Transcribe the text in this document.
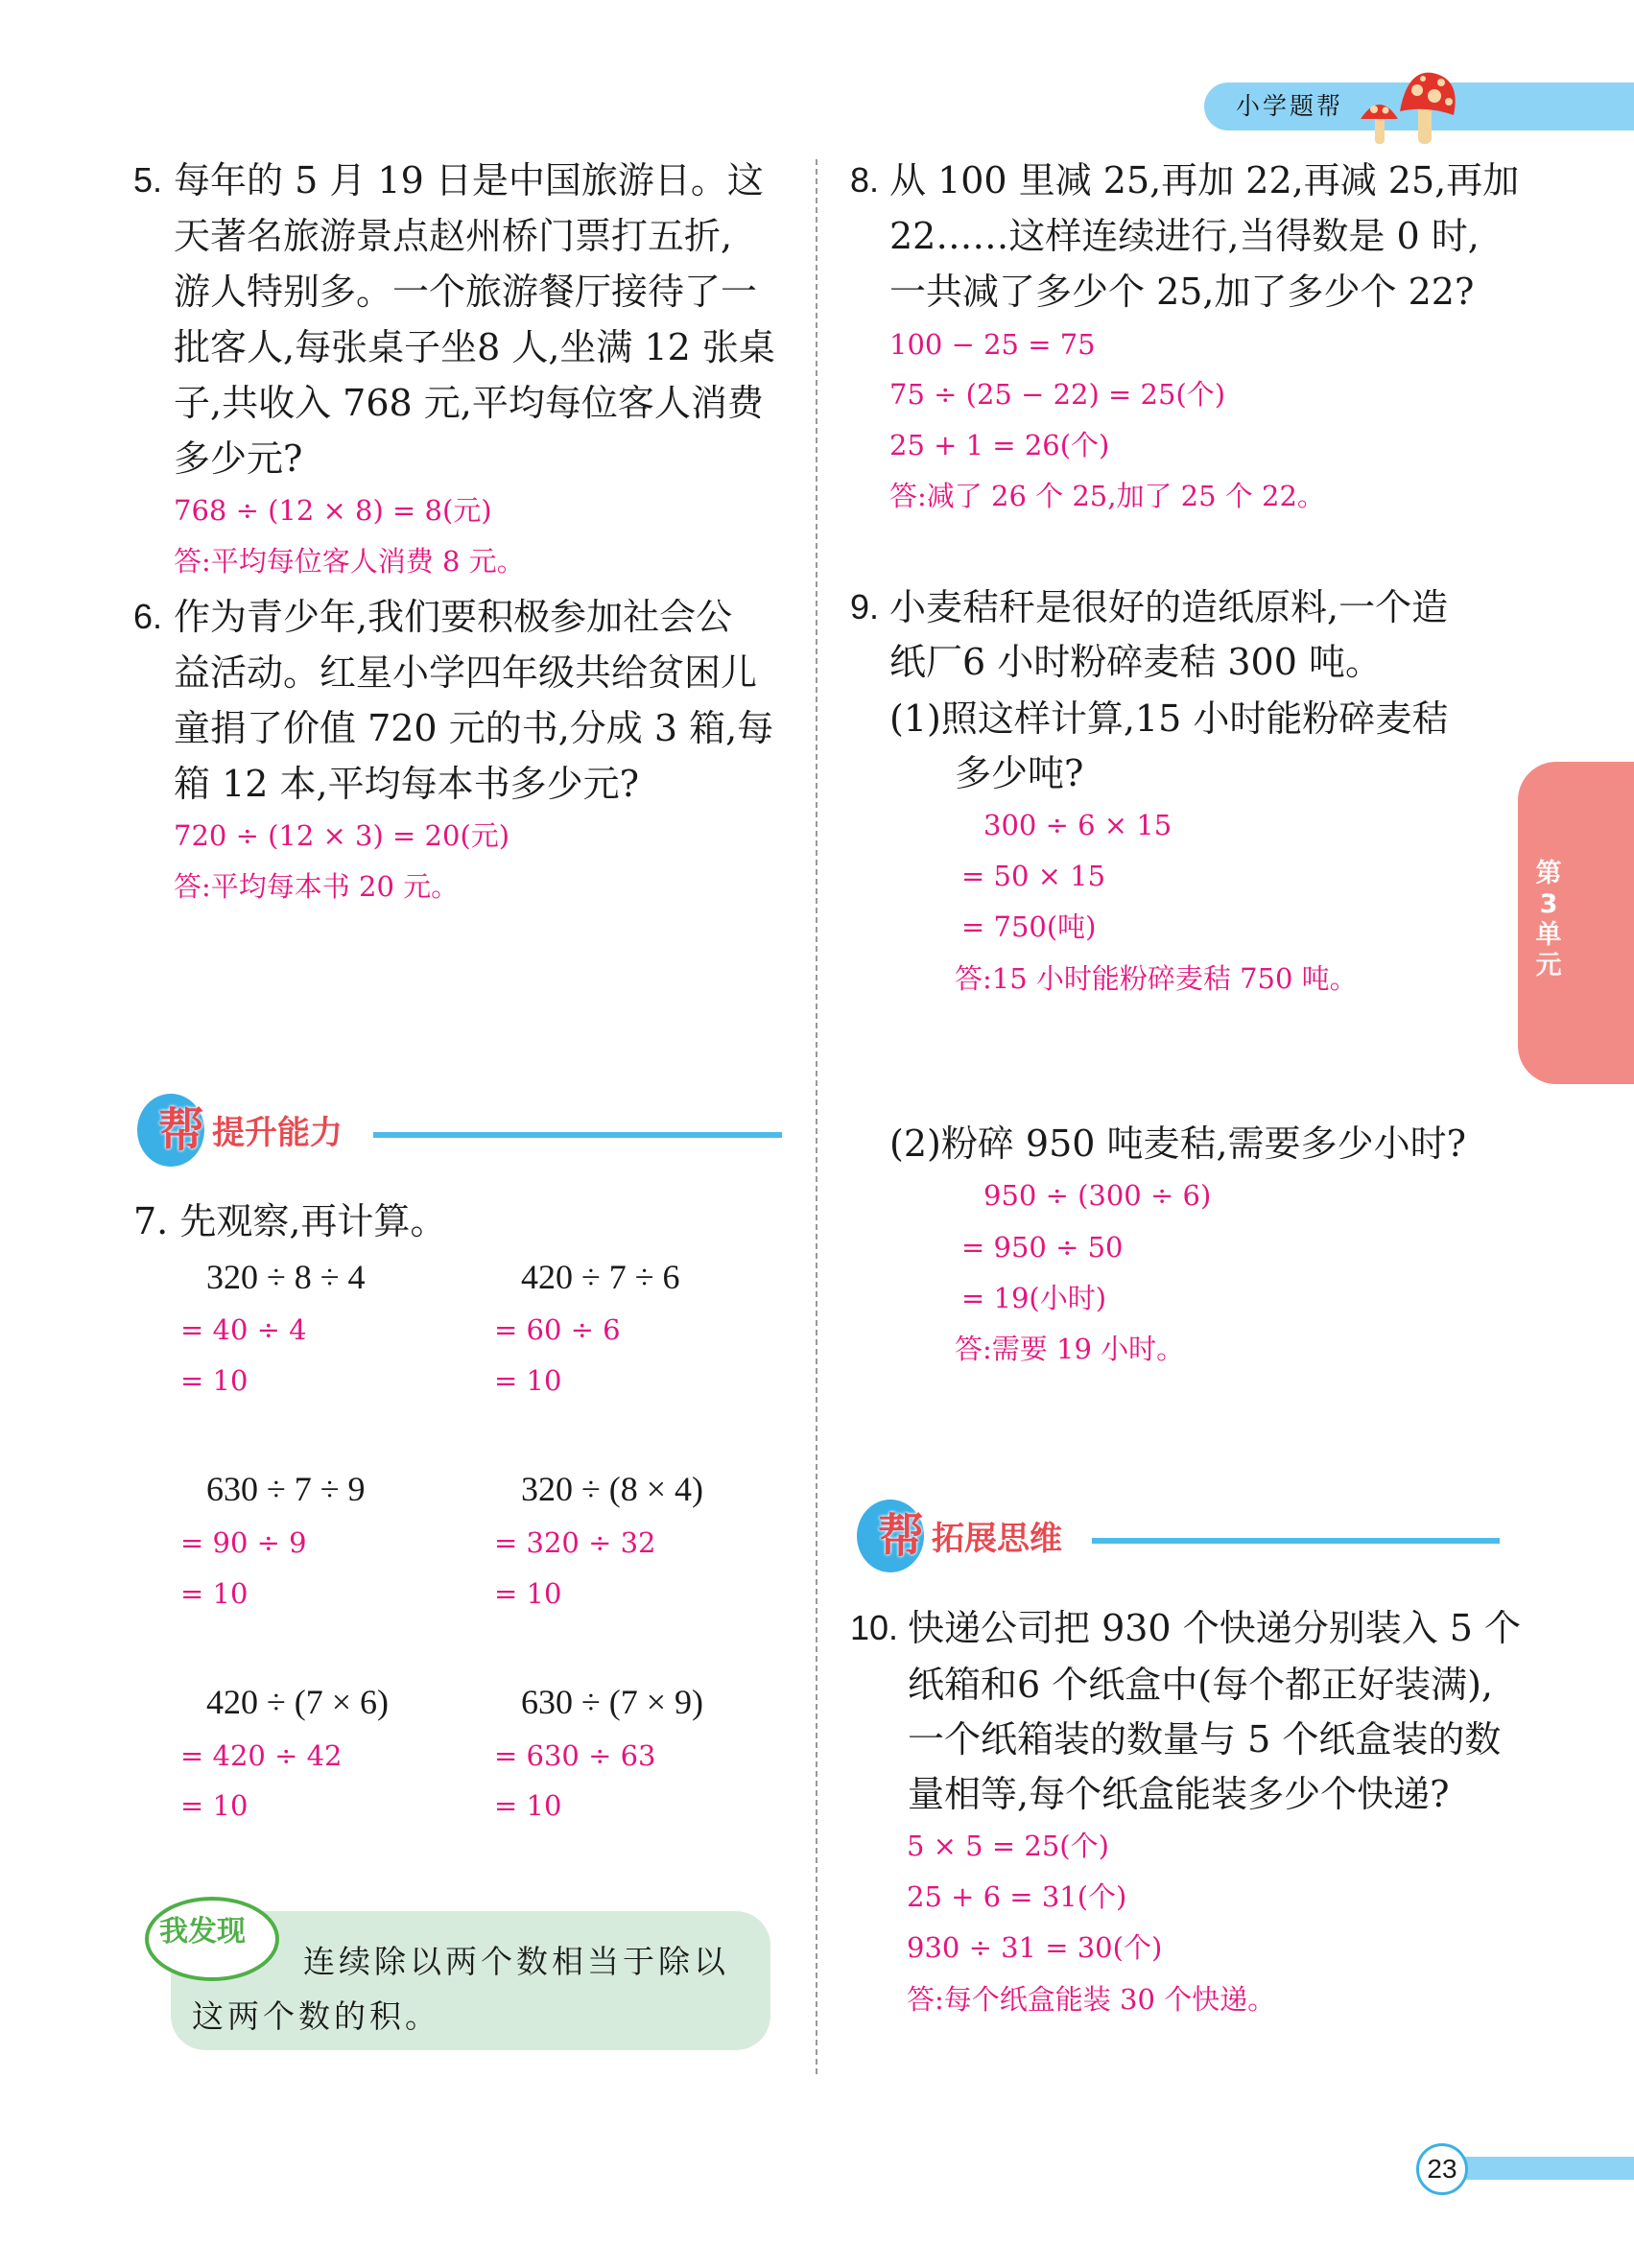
小学题帮
5. 每年的 5 月 19 日是中国旅游日。这
天著名旅游景点赵州桥门票打五折,
游人特别多。一个旅游餐厅接待了一
批客人,每张桌子坐8 人,坐满 12 张桌
子,共收入 768 元,平均每位客人消费
多少元?
768 ÷ (12 × 8) = 8(元)
答:平均每位客人消费 8 元。
6. 作为青少年,我们要积极参加社会公
益活动。红星小学四年级共给贫困儿
童捐了价值 720 元的书,分成 3 箱,每
箱 12 本,平均每本书多少元?
720 ÷ (12 × 3) = 20(元)
答:平均每本书 20 元。
帮 提升能力
7. 先观察,再计算。
320 ÷ 8 ÷ 4
= 40 ÷ 4
= 10
420 ÷ 7 ÷ 6
= 60 ÷ 6
= 10
630 ÷ 7 ÷ 9
= 90 ÷ 9
= 10
320 ÷ (8 × 4)
= 320 ÷ 32
= 10
420 ÷ (7 × 6)
= 420 ÷ 42
= 10
630 ÷ (7 × 9)
= 630 ÷ 63
= 10
我发现
连续除以两个数相当于除以
这两个数的积。
8. 从 100 里减 25,再加 22,再减 25,再加
22……这样连续进行,当得数是 0 时,
一共减了多少个 25,加了多少个 22?
100 − 25 = 75
75 ÷ (25 − 22) = 25(个)
25 + 1 = 26(个)
答:减了 26 个 25,加了 25 个 22。
9. 小麦秸秆是很好的造纸原料,一个造
纸厂6 小时粉碎麦秸 300 吨。
(1)照这样计算,15 小时能粉碎麦秸
多少吨?
300 ÷ 6 × 15
= 50 × 15
= 750(吨)
答:15 小时能粉碎麦秸 750 吨。
(2)粉碎 950 吨麦秸,需要多少小时?
950 ÷ (300 ÷ 6)
= 950 ÷ 50
= 19(小时)
答:需要 19 小时。
帮 拓展思维
10. 快递公司把 930 个快递分别装入 5 个
纸箱和6 个纸盒中(每个都正好装满),
一个纸箱装的数量与 5 个纸盒装的数
量相等,每个纸盒能装多少个快递?
5 × 5 = 25(个)
25 + 6 = 31(个)
930 ÷ 31 = 30(个)
答:每个纸盒能装 30 个快递。
第3单元
23
